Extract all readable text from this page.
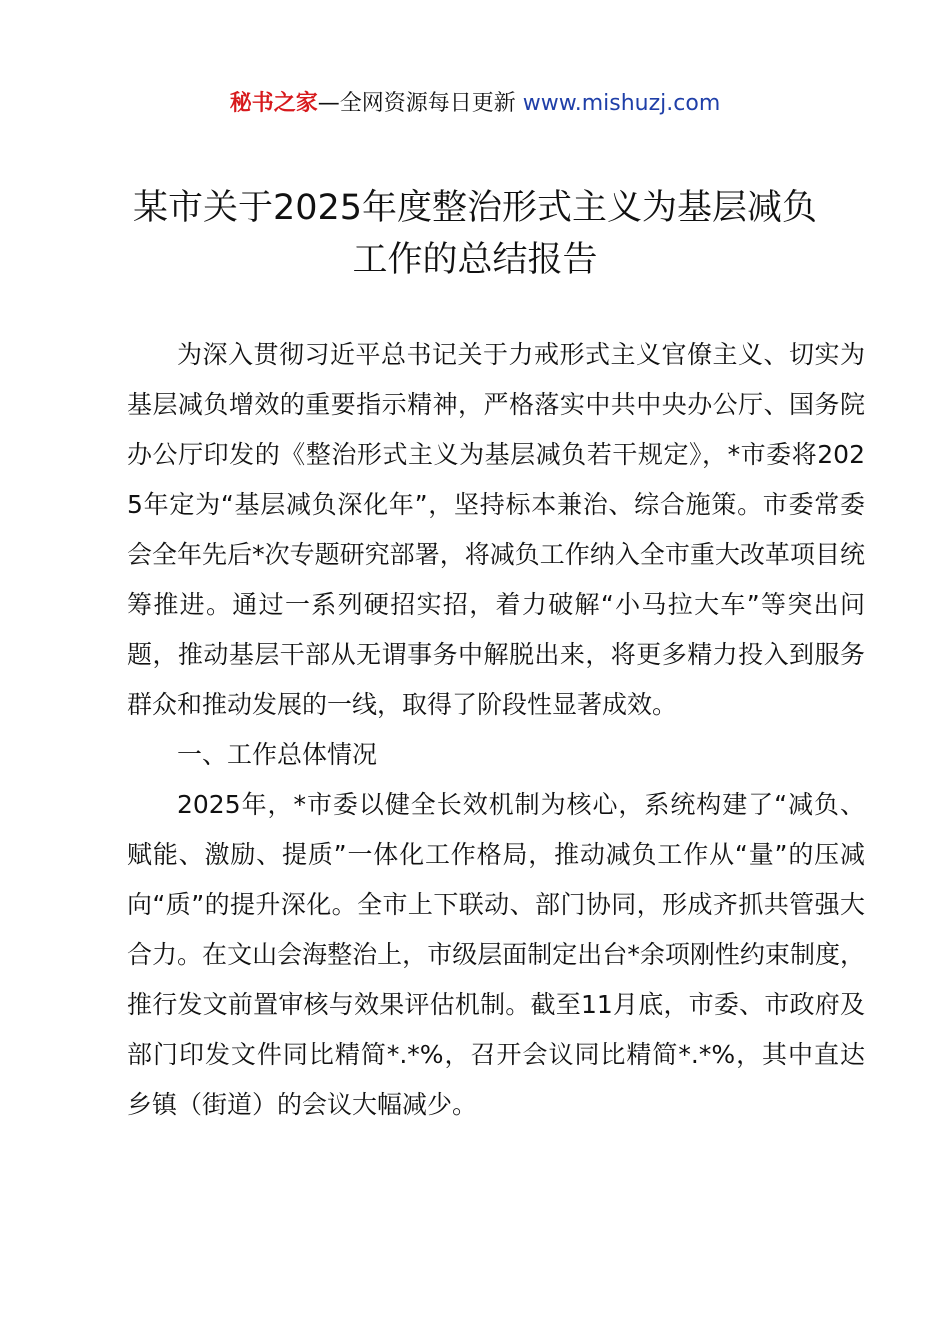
秘书之家—全网资源每日更新 www.mishuzj.com
某市关于2025年度整治形式主义为基层减负
工作的总结报告

为深入贯彻习近平总书记关于力戒形式主义官僚主义、切实为基层减负增效的重要指示精神，严格落实中共中央办公厅、国务院办公厅印发的《整治形式主义为基层减负若干规定》，*市委将2025年定为“基层减负深化年”，坚持标本兼治、综合施策。市委常委会全年先后*次专题研究部署，将减负工作纳入全市重大改革项目统筹推进。通过一系列硬招实招，着力破解“小马拉大车”等突出问题，推动基层干部从无谓事务中解脱出来，将更多精力投入到服务群众和推动发展的一线，取得了阶段性显著成效。

一、工作总体情况

2025年，*市委以健全长效机制为核心，系统构建了“减负、赋能、激励、提质”一体化工作格局，推动减负工作从“量”的压减向“质”的提升深化。全市上下联动、部门协同，形成齐抓共管强大合力。在文山会海整治上，市级层面制定出台*余项刚性约束制度，推行发文前置审核与效果评估机制。截至11月底，市委、市政府及部门印发文件同比精简*.*%，召开会议同比精简*.*%，其中直达乡镇（街道）的会议大幅减少。
